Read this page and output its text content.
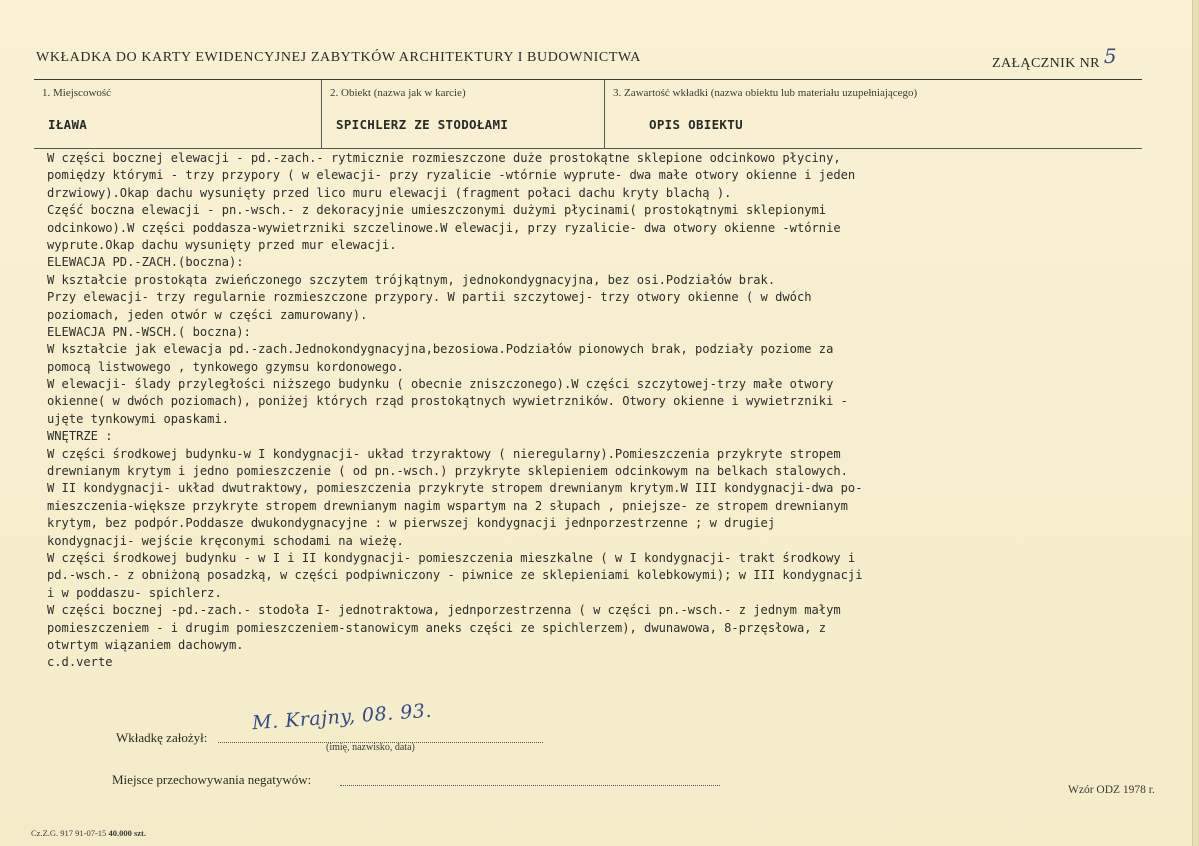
WKŁADKA DO KARTY EWIDENCYJNEJ ZABYTKÓW ARCHITEKTURY I BUDOWNICTWA	ZAŁĄCZNIK NR 5
1. Miejscowość
IŁAWA
2. Obiekt (nazwa jak w karcie)
SPICHLERZ ZE STODOŁAMI
3. Zawartość wkładki (nazwa obiektu lub materiału uzupełniającego)
OPIS OBIEKTU
W części bocznej elewacji - pd.-zach.- rytmicznie rozmieszczone duże prostokątne sklepione odcinkowo płyciny,
pomiędzy którymi - trzy przypory ( w elewacji- przy ryzalicie -wtórnie wyprute- dwa małe otwory okienne i jeden
drzwiowy).Okap dachu wysunięty przed lico muru elewacji (fragment połaci dachu kryty blachą ).
Część boczna elewacji - pn.-wsch.- z dekoracyjnie umieszczonymi dużymi płycinami( prostokątnymi sklepionymi
odcinkowo).W części poddasza-wywietrzniki szczelinowe.W elewacji, przy ryzalicie- dwa otwory okienne -wtórnie
wyprute.Okap dachu wysunięty przed mur elewacji.
ELEWACJA PD.-ZACH.(boczna):
W kształcie prostokąta zwieńczonego szczytem trójkątnym, jednokondygnacyjna, bez osi.Podziałów brak.
Przy elewacji- trzy regularnie rozmieszczone przypory. W partii szczytowej- trzy otwory okienne ( w dwóch
poziomach, jeden otwór w części zamurowany).
ELEWACJA PN.-WSCH.( boczna):
W kształcie jak elewacja pd.-zach.Jednokondygnacyjna,bezosiowa.Podziałów pionowych brak, podziały poziome za
pomocą listwowego , tynkowego gzymsu kordonowego.
W elewacji- ślady przyległości niższego budynku ( obecnie zniszczonego).W części szczytowej-trzy małe otwory
okienne( w dwóch poziomach), poniżej których rząd prostokątnych wywietrzników. Otwory okienne i wywietrzniki -
ujęte tynkowymi opaskami.
WNĘTRZE :
W części środkowej budynku-w I kondygnacji- układ trzyraktowy ( nieregularny).Pomieszczenia przykryte stropem
drewnianym krytym i jedno pomieszczenie ( od pn.-wsch.) przykryte sklepieniem odcinkowym na belkach stalowych.
W II kondygnacji- układ dwutraktowy, pomieszczenia przykryte stropem drewnianym krytym.W III kondygnacji-dwa po-
mieszczenia-większe przykryte stropem drewnianym nagim wspartym na 2 słupach , pniejsze- ze stropem drewnianym
krytym, bez podpór.Poddasze dwukondygnacyjne : w pierwszej kondygnacji jednporzestrzenne ; w drugiej
kondygnacji- wejście kręconymi schodami na wieżę.
W części środkowej budynku - w I i II kondygnacji- pomieszczenia mieszkalne ( w I kondygnacji- trakt środkowy i
pd.-wsch.- z obniżoną posadzką, w części podpiwniczony - piwnice ze sklepieniami kolebkowymi); w III kondygnacji
i w poddaszu- spichlerz.
W części bocznej -pd.-zach.- stodoła I- jednotraktowa, jednporzestrzenna ( w części pn.-wsch.- z jednym małym
pomieszczeniem - i drugim pomieszczeniem-stanowicym aneks części ze spichlerzem), dwunawowa, 8-przęsłowa, z
otwrtym wiązaniem dachowym.
c.d.verte
Wkładkę założył:
M. Krajny, 08. 93.
(imię, nazwisko, data)
Miejsce przechowywania negatywów:
Cz.Z.G. 917 91-07-15 40.000 szt.
Wzór ODZ 1978 r.
